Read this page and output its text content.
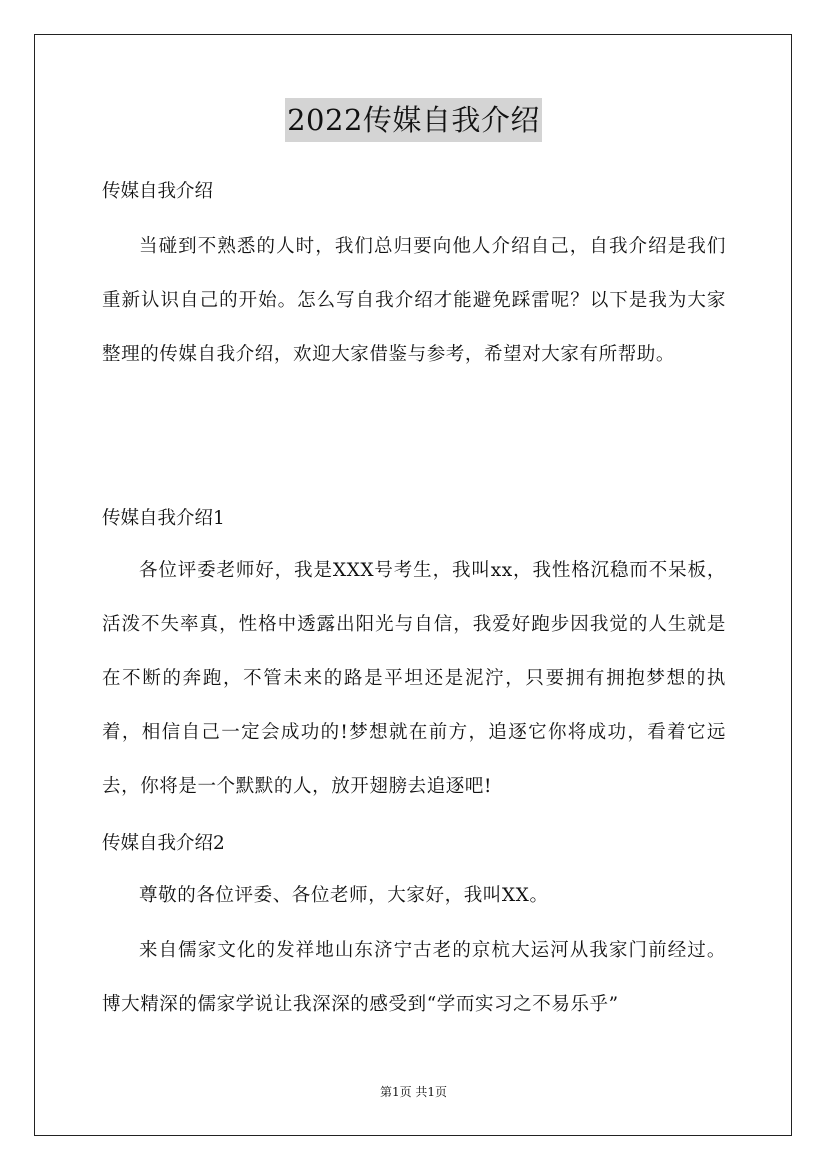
2022传媒自我介绍
传媒自我介绍

当碰到不熟悉的人时，我们总归要向他人介绍自己，自我介绍是我们重新认识自己的开始。怎么写自我介绍才能避免踩雷呢？以下是我为大家整理的传媒自我介绍，欢迎大家借鉴与参考，希望对大家有所帮助。

传媒自我介绍1

各位评委老师好，我是XXX号考生，我叫xx，我性格沉稳而不呆板，活泼不失率真，性格中透露出阳光与自信，我爱好跑步因我觉的人生就是在不断的奔跑，不管未来的路是平坦还是泥泞，只要拥有拥抱梦想的执着，相信自己一定会成功的!梦想就在前方，追逐它你将成功，看着它远去，你将是一个默默的人，放开翅膀去追逐吧!

传媒自我介绍2

尊敬的各位评委、各位老师，大家好，我叫XX。

来自儒家文化的发祥地山东济宁古老的京杭大运河从我家门前经过。博大精深的儒家学说让我深深的感受到“学而实习之不易乐乎”

第1页 共1页
